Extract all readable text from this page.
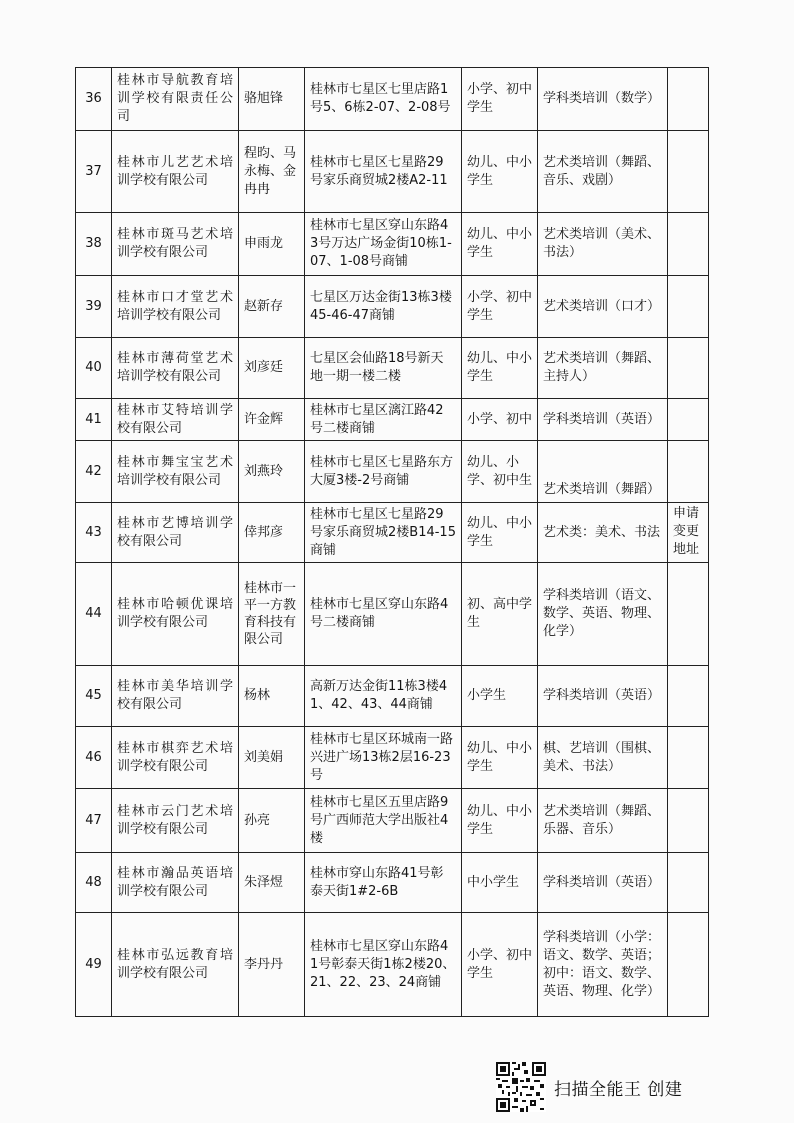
36	桂林市导航教育培训学校有限责任公司	骆旭锋	桂林市七星区七里店路1号5、6栋2-07、2-08号	小学、初中学生	学科类培训（数学）	
37	桂林市儿艺艺术培训学校有限公司	程昀、马永梅、金冉冉	桂林市七星区七星路29号家乐商贸城2楼A2-11	幼儿、中小学生	艺术类培训（舞蹈、音乐、戏剧）	
38	桂林市斑马艺术培训学校有限公司	申雨龙	桂林市七星区穿山东路43号万达广场金街10栋1-07、1-08号商铺	幼儿、中小学生	艺术类培训（美术、书法）	
39	桂林市口才堂艺术培训学校有限公司	赵新存	七星区万达金街13栋3楼45-46-47商铺	小学、初中学生	艺术类培训（口才）	
40	桂林市薄荷堂艺术培训学校有限公司	刘彦廷	七星区会仙路18号新天地一期一楼二楼	幼儿、中小学生	艺术类培训（舞蹈、主持人）	
41	桂林市艾特培训学校有限公司	许金辉	桂林市七星区漓江路42号二楼商铺	小学、初中	学科类培训（英语）	
42	桂林市舞宝宝艺术培训学校有限公司	刘燕玲	桂林市七星区七星路东方大厦3楼-2号商铺	幼儿、小学、初中生	艺术类培训（舞蹈）	
43	桂林市艺博培训学校有限公司	倖邦彦	桂林市七星区七星路29号家乐商贸城2楼B14-15商铺	幼儿、中小学生	艺术类：美术、书法	申请变更地址
44	桂林市哈顿优课培训学校有限公司	桂林市一平一方教育科技有限公司	桂林市七星区穿山东路4号二楼商铺	初、高中学生	学科类培训（语文、数学、英语、物理、化学）	
45	桂林市美华培训学校有限公司	杨林	高新万达金街11栋3楼41、42、43、44商铺	小学生	学科类培训（英语）	
46	桂林市棋弈艺术培训学校有限公司	刘美娟	桂林市七星区环城南一路兴进广场13栋2层16-23号	幼儿、中小学生	棋、艺培训（围棋、美术、书法）	
47	桂林市云门艺术培训学校有限公司	孙亮	桂林市七星区五里店路9号广西师范大学出版社4楼	幼儿、中小学生	艺术类培训（舞蹈、乐器、音乐）	
48	桂林市瀚品英语培训学校有限公司	朱泽煜	桂林市穿山东路41号彰泰天街1#2-6B	中小学生	学科类培训（英语）	
49	桂林市弘远教育培训学校有限公司	李丹丹	桂林市七星区穿山东路41号彰泰天街1栋2楼20、21、22、23、24商铺	小学、初中学生	学科类培训（小学：语文、数学、英语；初中：语文、数学、英语、物理、化学）	
扫描全能王 创建
